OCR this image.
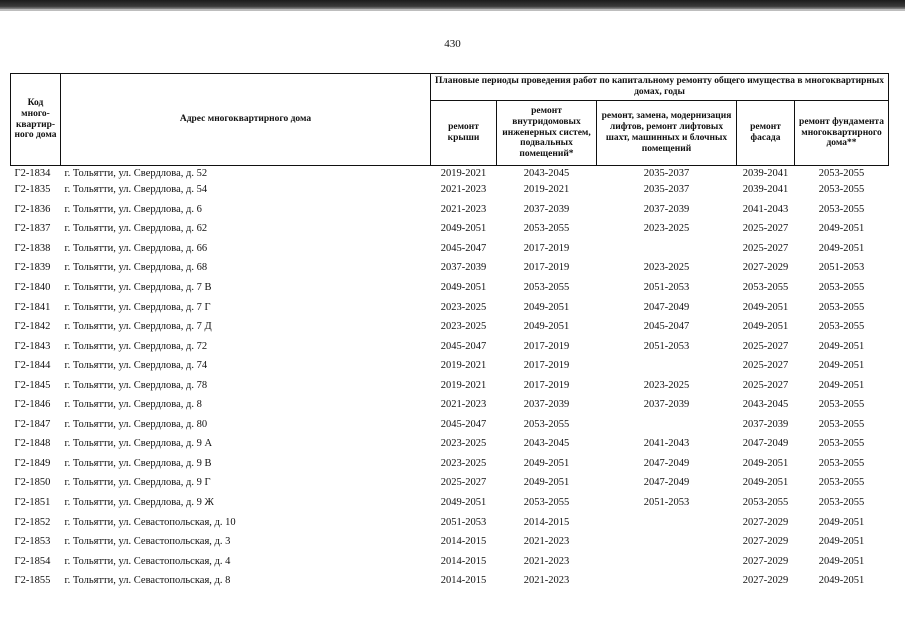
430
Код много-квартир-ного дома	Адрес многоквартирного дома	Плановые периоды проведения работ по капитальному ремонту общего имущества в многоквартирных домах, годы				
		ремонт крыши	ремонт внутридомовых инженерных систем, подвальных помещений*	ремонт, замена, модернизация лифтов, ремонт лифтовых шахт, машинных и блочных помещений	ремонт фасада	ремонт фундамента многоквартирного дома**
Г2-1834	г. Тольятти, ул. Свердлова, д. 52	2019-2021	2043-2045	2035-2037	2039-2041	2053-2055
Г2-1835	г. Тольятти, ул. Свердлова, д. 54	2021-2023	2019-2021	2035-2037	2039-2041	2053-2055
Г2-1836	г. Тольятти, ул. Свердлова, д. 6	2021-2023	2037-2039	2037-2039	2041-2043	2053-2055
Г2-1837	г. Тольятти, ул. Свердлова, д. 62	2049-2051	2053-2055	2023-2025	2025-2027	2049-2051
Г2-1838	г. Тольятти, ул. Свердлова, д. 66	2045-2047	2017-2019		2025-2027	2049-2051
Г2-1839	г. Тольятти, ул. Свердлова, д. 68	2037-2039	2017-2019	2023-2025	2027-2029	2051-2053
Г2-1840	г. Тольятти, ул. Свердлова, д. 7 В	2049-2051	2053-2055	2051-2053	2053-2055	2053-2055
Г2-1841	г. Тольятти, ул. Свердлова, д. 7 Г	2023-2025	2049-2051	2047-2049	2049-2051	2053-2055
Г2-1842	г. Тольятти, ул. Свердлова, д. 7 Д	2023-2025	2049-2051	2045-2047	2049-2051	2053-2055
Г2-1843	г. Тольятти, ул. Свердлова, д. 72	2045-2047	2017-2019	2051-2053	2025-2027	2049-2051
Г2-1844	г. Тольятти, ул. Свердлова, д. 74	2019-2021	2017-2019		2025-2027	2049-2051
Г2-1845	г. Тольятти, ул. Свердлова, д. 78	2019-2021	2017-2019	2023-2025	2025-2027	2049-2051
Г2-1846	г. Тольятти, ул. Свердлова, д. 8	2021-2023	2037-2039	2037-2039	2043-2045	2053-2055
Г2-1847	г. Тольятти, ул. Свердлова, д. 80	2045-2047	2053-2055		2037-2039	2053-2055
Г2-1848	г. Тольятти, ул. Свердлова, д. 9 А	2023-2025	2043-2045	2041-2043	2047-2049	2053-2055
Г2-1849	г. Тольятти, ул. Свердлова, д. 9 В	2023-2025	2049-2051	2047-2049	2049-2051	2053-2055
Г2-1850	г. Тольятти, ул. Свердлова, д. 9 Г	2025-2027	2049-2051	2047-2049	2049-2051	2053-2055
Г2-1851	г. Тольятти, ул. Свердлова, д. 9 Ж	2049-2051	2053-2055	2051-2053	2053-2055	2053-2055
Г2-1852	г. Тольятти, ул. Севастопольская, д. 10	2051-2053	2014-2015		2027-2029	2049-2051
Г2-1853	г. Тольятти, ул. Севастопольская, д. 3	2014-2015	2021-2023		2027-2029	2049-2051
Г2-1854	г. Тольятти, ул. Севастопольская, д. 4	2014-2015	2021-2023		2027-2029	2049-2051
Г2-1855	г. Тольятти, ул. Севастопольская, д. 8	2014-2015	2021-2023		2027-2029	2049-2051
